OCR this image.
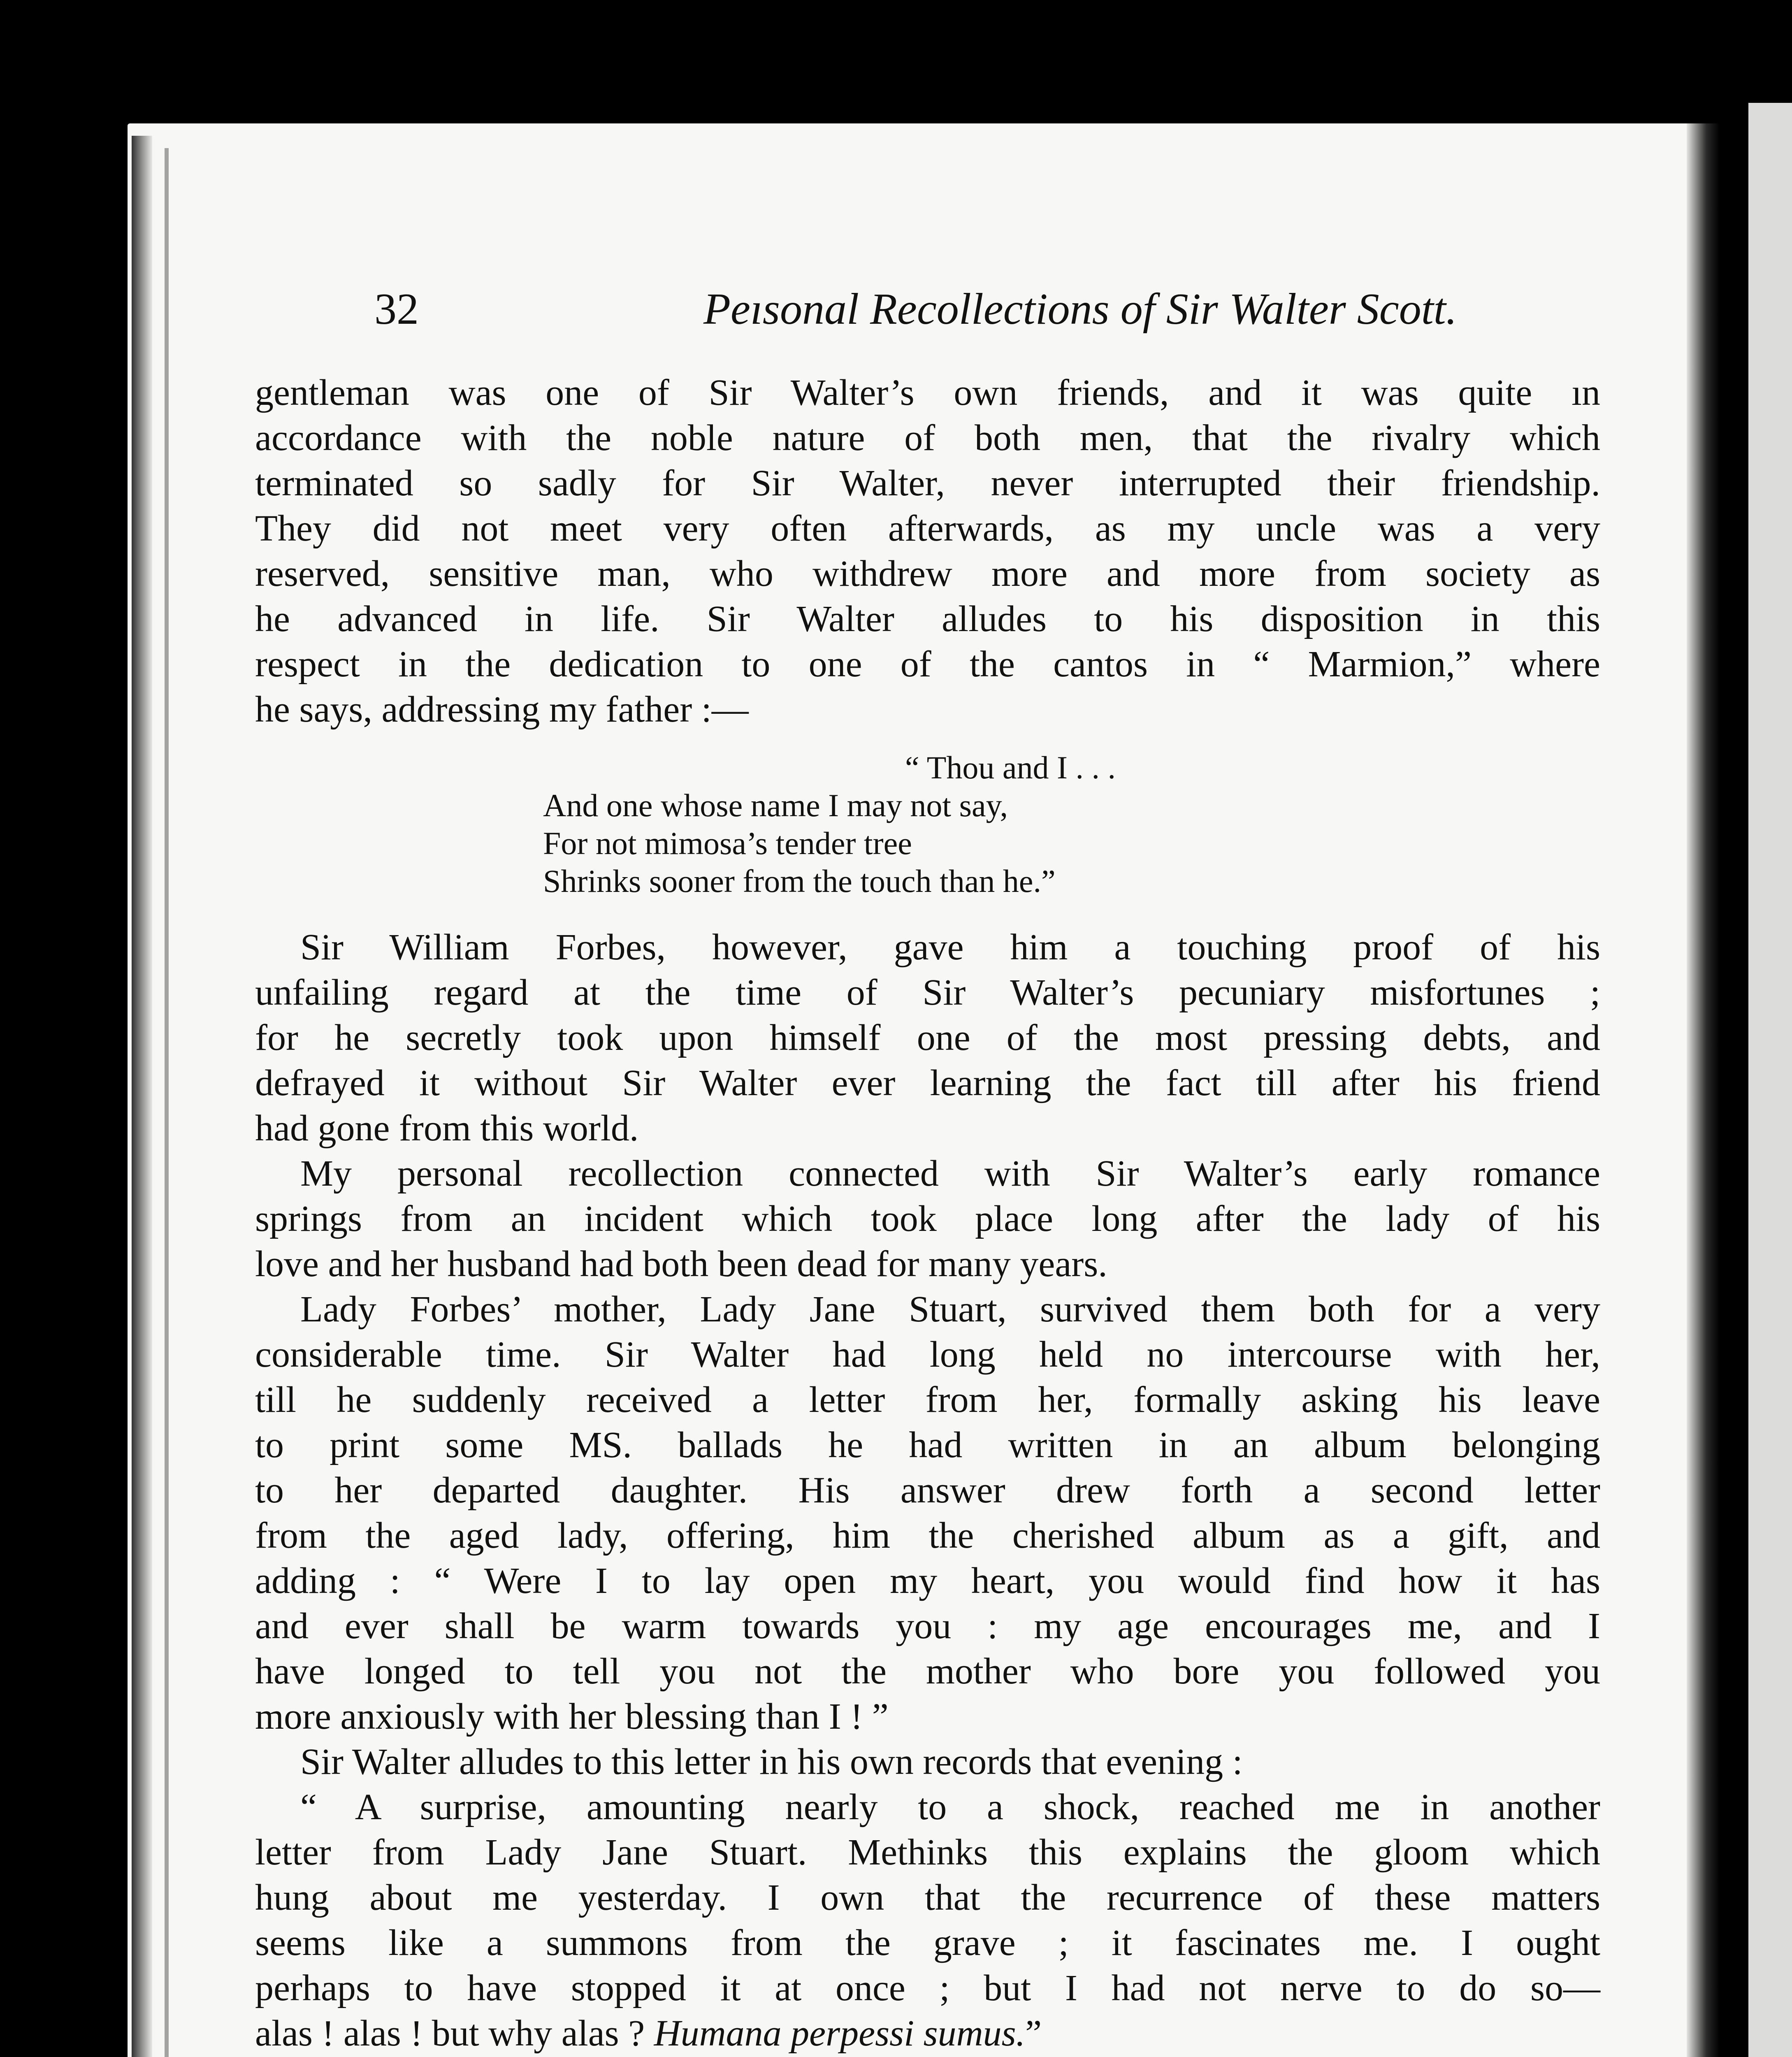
32	Peısonal Recollections of Sir Walter Scott.
gentleman was one of Sir Walter’s own friends, and it was quite ın
accordance with the noble nature of both men, that the rivalry which
terminated so sadly for Sir Walter, never interrupted their friendship.
They did not meet very often afterwards, as my uncle was a very
reserved, sensitive man, who withdrew more and more from society as
he advanced in life. Sir Walter alludes to his disposition in this
respect in the dedication to one of the cantos in “ Marmion,” where
he says, addressing my father :—
“ Thou and I . . .
And one whose name I may not say,
For not mimosa’s tender tree
Shrinks sooner from the touch than he.”
Sir William Forbes, however, gave him a touching proof of his
unfailing regard at the time of Sir Walter’s pecuniary misfortunes ;
for he secretly took upon himself one of the most pressing debts, and
defrayed it without Sir Walter ever learning the fact till after his friend
had gone from this world.
My personal recollection connected with Sir Walter’s early romance
springs from an incident which took place long after the lady of his
love and her husband had both been dead for many years.
Lady Forbes’ mother, Lady Jane Stuart, survived them both for a very
considerable time. Sir Walter had long held no intercourse with her,
till he suddenly received a letter from her, formally asking his leave
to print some MS. ballads he had written in an album belonging
to her departed daughter. His answer drew forth a second letter
from the aged lady, offering, him the cherished album as a gift, and
adding : “ Were I to lay open my heart, you would find how it has
and ever shall be warm towards you : my age encourages me, and I
have longed to tell you not the mother who bore you followed you
more anxiously with her blessing than I ! ”
Sir Walter alludes to this letter in his own records that evening :
“ A surprise, amounting nearly to a shock, reached me in another
letter from Lady Jane Stuart. Methinks this explains the gloom which
hung about me yesterday. I own that the recurrence of these matters
seems like a summons from the grave ; it fascinates me. I ought
perhaps to have stopped it at once ; but I had not nerve to do so—
alas ! alas ! but why alas ? Humana perpessi sumus.”
